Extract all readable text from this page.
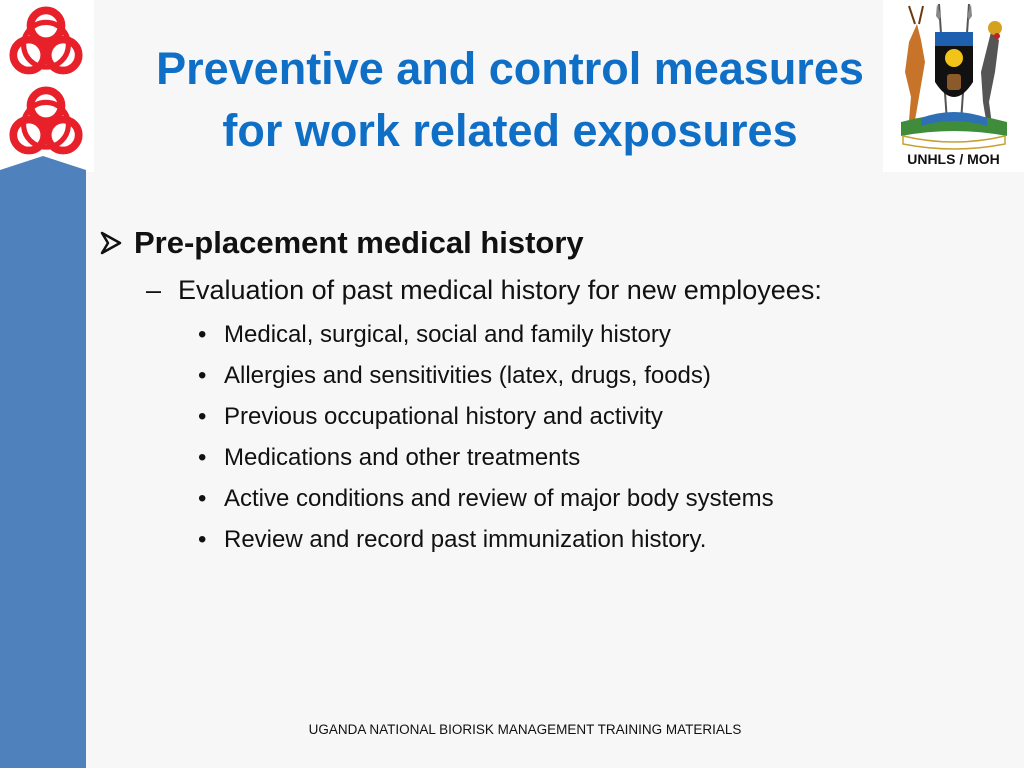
Preventive and control measures
for work related exposures
UNHLS / MOH
Pre-placement medical history
– Evaluation of past medical history for new employees:
• Medical, surgical, social and family history
• Allergies and sensitivities (latex, drugs, foods)
• Previous occupational history and activity
• Medications and other treatments
• Active conditions and review of major body systems
• Review and record past immunization history.
UGANDA NATIONAL BIORISK MANAGEMENT TRAINING MATERIALS
